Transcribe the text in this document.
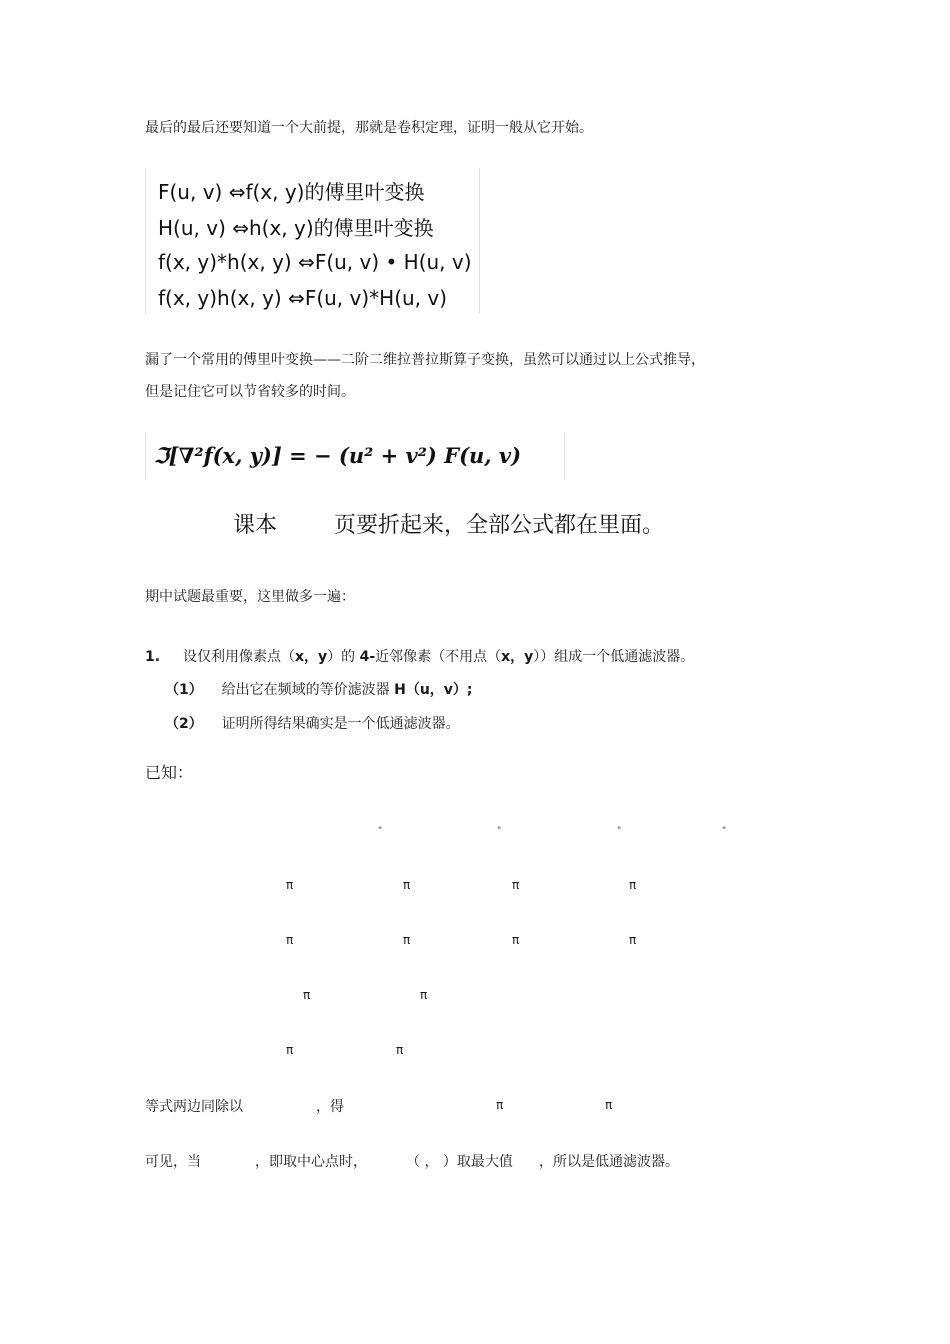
最后的最后还要知道一个大前提，那就是卷积定理，证明一般从它开始。
F(u, v) ⇔f(x, y)的傅里叶变换
H(u, v) ⇔h(x, y)的傅里叶变换
f(x, y)*h(x, y) ⇔F(u, v) • H(u, v)
f(x, y)h(x, y) ⇔F(u, v)*H(u, v)
漏了一个常用的傅里叶变换——二阶二维拉普拉斯算子变换，虽然可以通过以上公式推导，
但是记住它可以节省较多的时间。
ℑ[∇²f(x, y)] = − (u² + v²) F(u, v)
课本	页要折起来，全部公式都在里面。
期中试题最重要，这里做多一遍：
1. 设仅利用像素点（x，y）的 4-近邻像素（不用点（x，y））组成一个低通滤波器。
（1） 给出它在频域的等价滤波器 H（u，v）;
（2） 证明所得结果确实是一个低通滤波器。
已知：
"	"	"	"
π	π	π	π
π	π	π	π
π	π
π	π
等式两边同除以	，得	π	π
可见，当	，即取中心点时，	（ ， ）取最大值 ，所以是低通滤波器。
